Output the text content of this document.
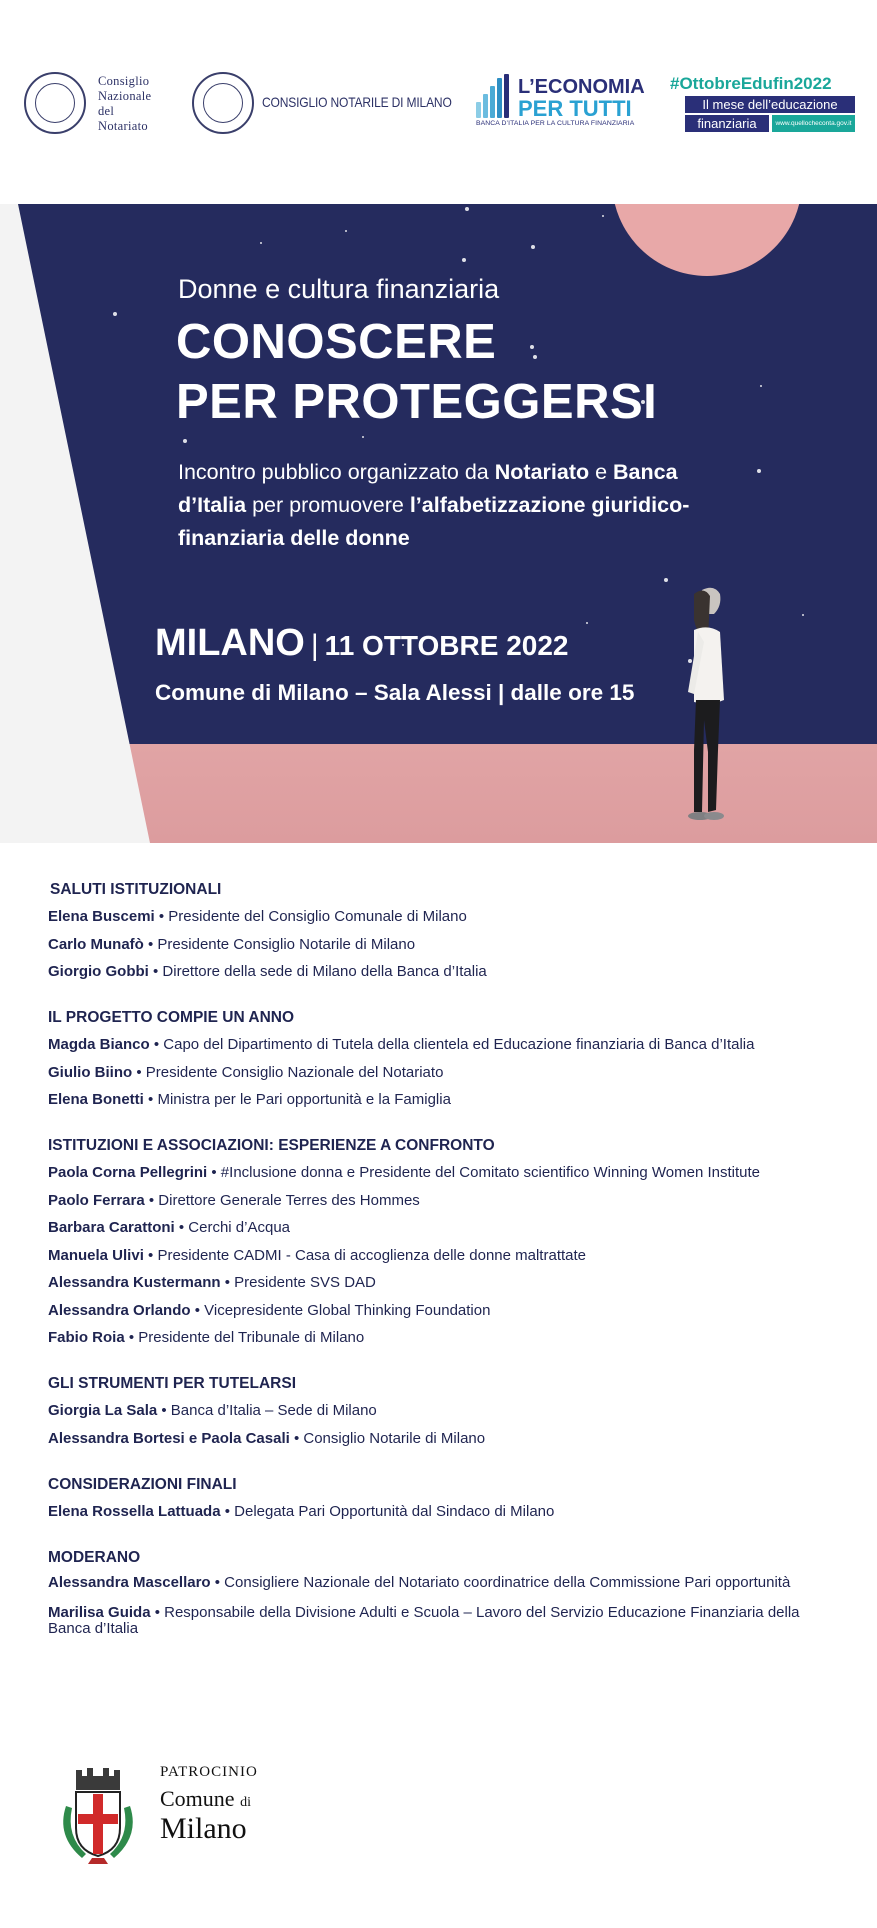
Consiglio
Nazionale
del
Notariato
CONSIGLIO NOTARILE DI MILANO
L’ECONOMIA
PER TUTTI
BANCA D’ITALIA PER LA CULTURA FINANZIARIA
#OttobreEdufin2022
Il mese dell’educazione
finanziaria	www.quellocheconta.gov.it
Donne e cultura finanziaria
CONOSCERE
PER PROTEGGERSI
Incontro pubblico organizzato da Notariato e Banca d’Italia per promuovere l’alfabetizzazione giuridico-finanziaria delle donne
MILANO | 11 OTTOBRE 2022
Comune di Milano – Sala Alessi | dalle ore 15
SALUTI ISTITUZIONALI
Elena Buscemi • Presidente del Consiglio Comunale di Milano
Carlo Munafò • Presidente Consiglio Notarile di Milano
Giorgio Gobbi • Direttore della sede di Milano della Banca d’Italia
IL PROGETTO COMPIE UN ANNO
Magda Bianco • Capo del Dipartimento di Tutela della clientela ed Educazione finanziaria di Banca d’Italia
Giulio Biino • Presidente Consiglio Nazionale del Notariato
Elena Bonetti • Ministra per le Pari opportunità e la Famiglia
ISTITUZIONI E ASSOCIAZIONI: ESPERIENZE A CONFRONTO
Paola Corna Pellegrini • #Inclusione donna e Presidente del Comitato scientifico Winning Women Institute
Paolo Ferrara • Direttore Generale Terres des Hommes
Barbara Carattoni • Cerchi d’Acqua
Manuela Ulivi • Presidente CADMI - Casa di accoglienza delle donne maltrattate
Alessandra Kustermann • Presidente SVS DAD
Alessandra Orlando • Vicepresidente Global Thinking Foundation
Fabio Roia • Presidente del Tribunale di Milano
GLI STRUMENTI PER TUTELARSI
Giorgia La Sala • Banca d’Italia – Sede di Milano
Alessandra Bortesi e Paola Casali • Consiglio Notarile di Milano
CONSIDERAZIONI FINALI
Elena Rossella Lattuada • Delegata Pari Opportunità dal Sindaco di Milano
MODERANO
Alessandra Mascellaro • Consigliere Nazionale del Notariato coordinatrice della Commissione Pari opportunità
Marilisa Guida • Responsabile della Divisione Adulti e Scuola – Lavoro del Servizio Educazione Finanziaria della Banca d’Italia
PATROCINIO
Comune di
Milano
